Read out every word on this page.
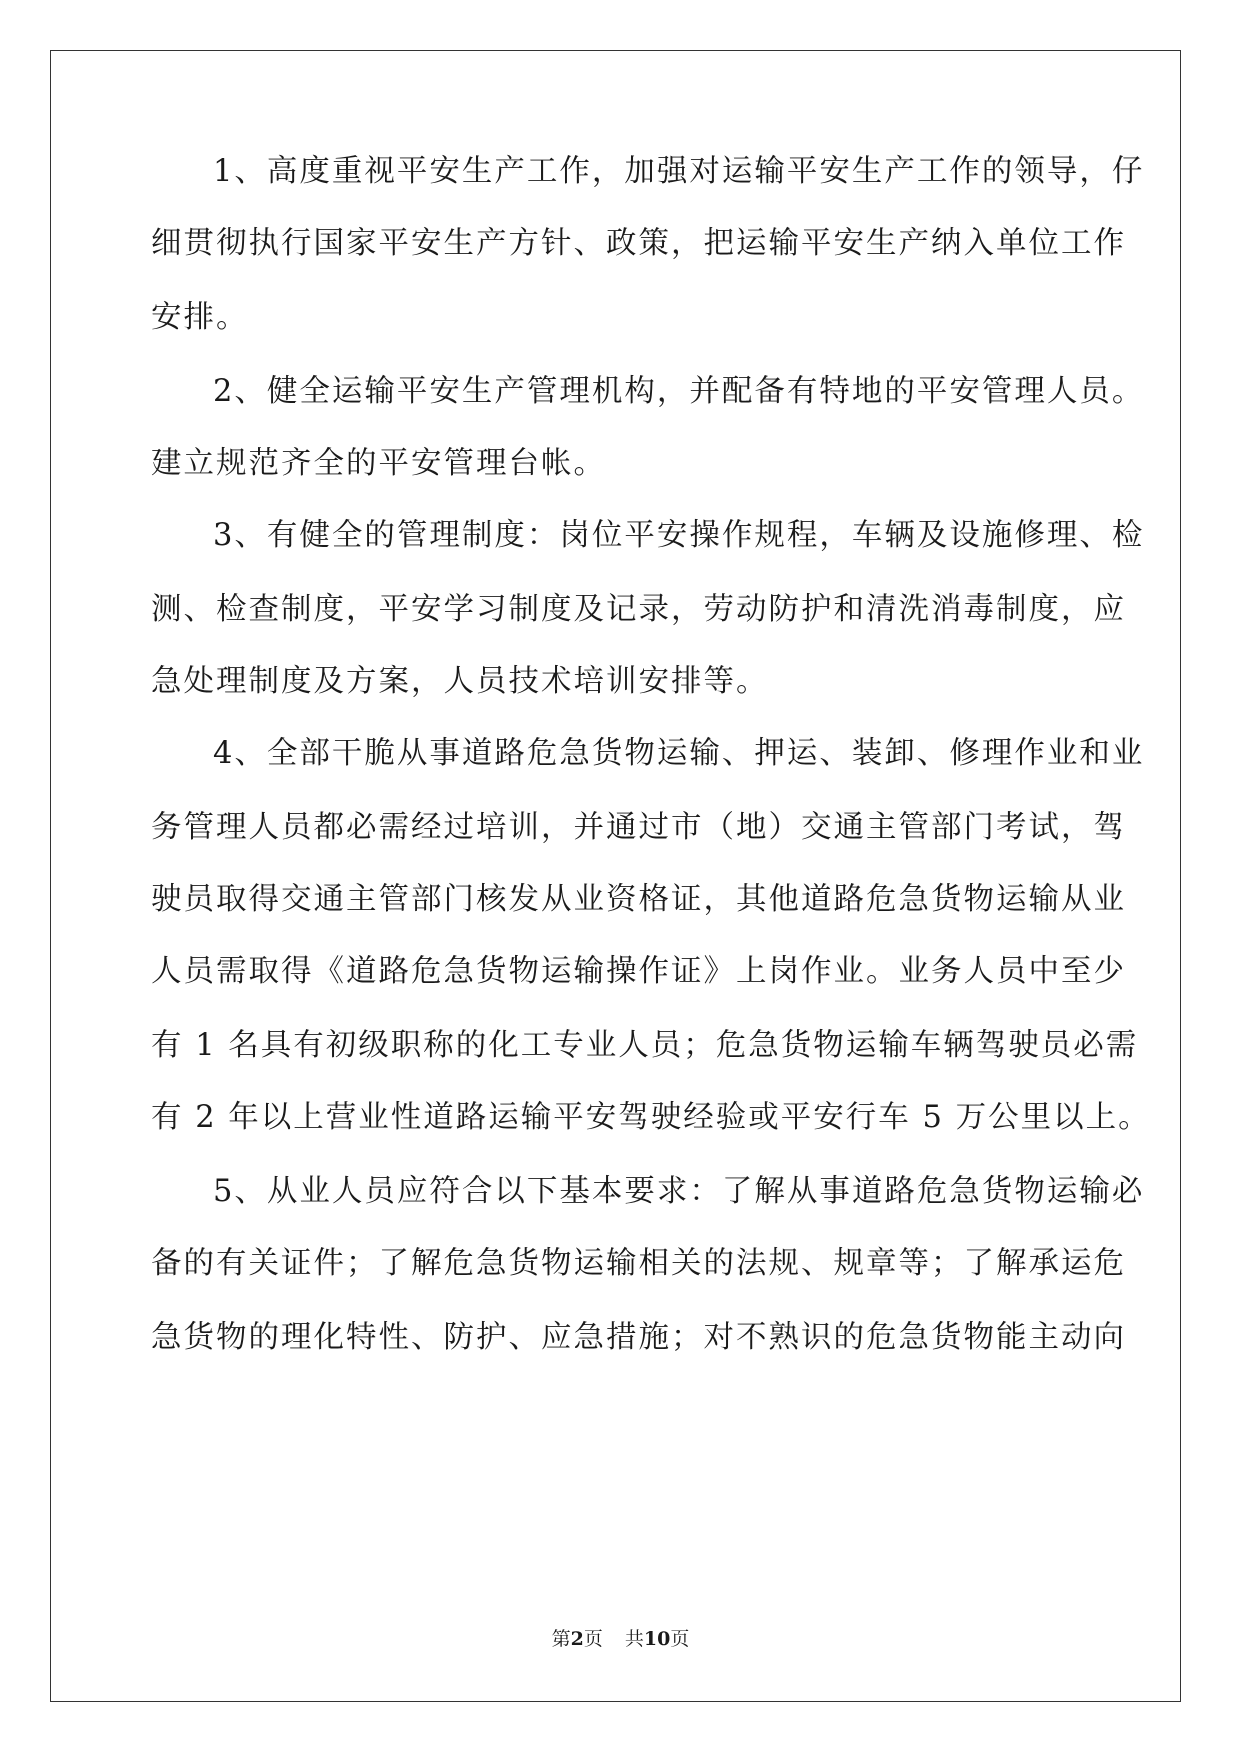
1、高度重视平安生产工作，加强对运输平安生产工作的领导，仔
细贯彻执行国家平安生产方针、政策，把运输平安生产纳入单位工作
安排。
2、健全运输平安生产管理机构，并配备有特地的平安管理人员。
建立规范齐全的平安管理台帐。
3、有健全的管理制度：岗位平安操作规程，车辆及设施修理、检
测、检查制度，平安学习制度及记录，劳动防护和清洗消毒制度，应
急处理制度及方案，人员技术培训安排等。
4、全部干脆从事道路危急货物运输、押运、装卸、修理作业和业
务管理人员都必需经过培训，并通过市（地）交通主管部门考试，驾
驶员取得交通主管部门核发从业资格证，其他道路危急货物运输从业
人员需取得《道路危急货物运输操作证》上岗作业。业务人员中至少
有 1 名具有初级职称的化工专业人员；危急货物运输车辆驾驶员必需
有 2 年以上营业性道路运输平安驾驶经验或平安行车 5 万公里以上。
5、从业人员应符合以下基本要求：了解从事道路危急货物运输必
备的有关证件；了解危急货物运输相关的法规、规章等；了解承运危
急货物的理化特性、防护、应急措施；对不熟识的危急货物能主动向
第2页 共10页
